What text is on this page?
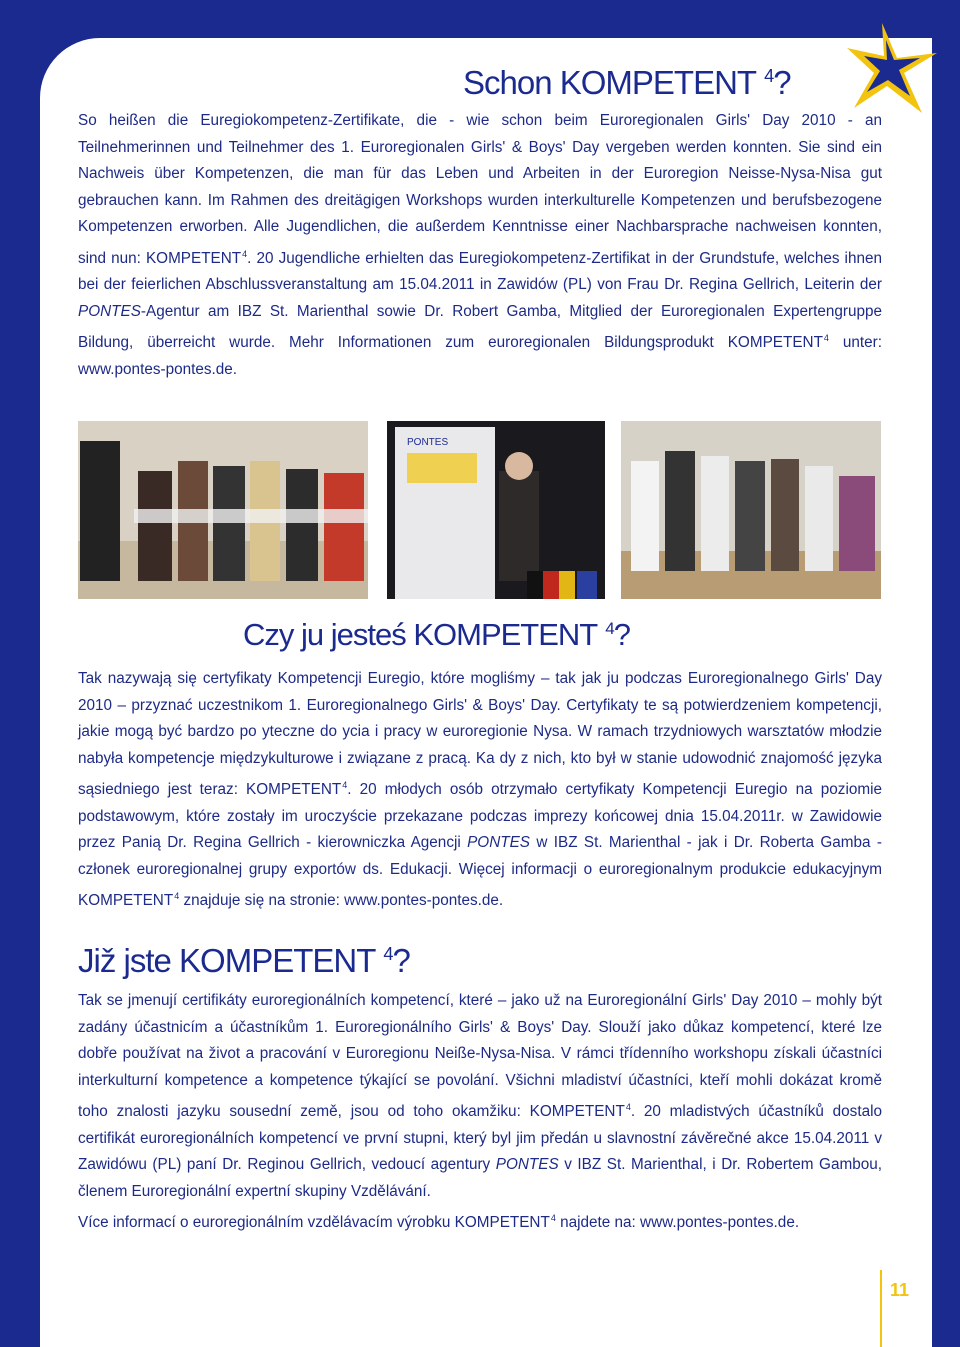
Schon KOMPETENT $^4$?

So heißen die Euregiokompetenz-Zertifikate, die - wie schon beim Euroregionalen Girls' Day 2010 - an Teilnehmerinnen und Teilnehmer des 1. Euroregionalen Girls' & Boys' Day vergeben werden konnten. Sie sind ein Nachweis über Kompetenzen, die man für das Leben und Arbeiten in der Euroregion Neisse-Nysa-Nisa gut gebrauchen kann. Im Rahmen des dreitägigen Workshops wurden interkulturelle Kompetenzen und berufsbezogene Kompetenzen erworben. Alle Jugendlichen, die außerdem Kenntnisse einer Nachbarsprache nachweisen konnten, sind nun: KOMPETENT$^4$. 20 Jugendliche erhielten das Euregiokompetenz-Zertifikat in der Grundstufe, welches ihnen bei der feierlichen Abschlussveranstaltung am 15.04.2011 in Zawidów (PL) von Frau Dr. Regina Gellrich, Leiterin der PONTES-Agentur am IBZ St. Marienthal sowie Dr. Robert Gamba, Mitglied der Euroregionalen Expertengruppe Bildung, überreicht wurde. Mehr Informationen zum euroregionalen Bildungsprodukt KOMPETENT$^4$ unter: www.pontes-pontes.de.

PONTES
Czy ju jesteś KOMPETENT $^4$?

Tak nazywają się certyfikaty Kompetencji Euregio, które mogliśmy – tak jak ju podczas Euroregionalnego Girls' Day 2010 – przyznać uczestnikom 1. Euroregionalnego Girls' & Boys' Day. Certyfikaty te są potwierdzeniem kompetencji, jakie mogą być bardzo po yteczne do ycia i pracy w euroregionie Nysa. W ramach trzydniowych warsztatów młodzie nabyła kompetencje międzykulturowe i związane z pracą. Ka dy z nich, kto był w stanie udowodnić znajomość języka sąsiedniego jest teraz: KOMPETENT$^4$. 20 młodych osób otrzymało certyfikaty Kompetencji Euregio na poziomie podstawowym, które zostały im uroczyście przekazane podczas imprezy końcowej dnia 15.04.2011r. w Zawidowie przez Panią Dr. Regina Gellrich - kierowniczka Agencji PONTES w IBZ St. Marienthal - jak i Dr. Roberta Gamba - członek euroregionalnej grupy exportów ds. Edukacji. Więcej informacji o euroregionalnym produkcie edukacyjnym KOMPETENT$^4$ znajduje się na stronie: www.pontes-pontes.de.

Již jste KOMPETENT $^4$?

Tak se jmenují certifikáty euroregionálních kompetencí, které – jako už na Euroregionální Girls' Day 2010 – mohly být zadány účastnicím a účastníkům 1. Euroregionálního Girls' & Boys' Day. Slouží jako důkaz kompetencí, které lze dobře používat na život a pracování v Euroregionu Neiße-Nysa-Nisa. V rámci třídenního workshopu získali účastníci interkulturní kompetence a kompetence týkající se povolání. Všichni mladiství účastníci, kteří mohli dokázat kromě toho znalosti jazyku sousední země, jsou od toho okamžiku: KOMPETENT$^4$. 20 mladistvých účastníků dostalo certifikát euroregionálních kompetencí ve první stupni, který byl jim předán u slavnostní závěrečné akce 15.04.2011 v Zawidówu (PL) paní Dr. Reginou Gellrich, vedoucí agentury PONTES v IBZ St. Marienthal, i Dr. Robertem Gambou, členem Euroregionální expertní skupiny Vzdělávání.

Více informací o euroregionálním vzdělávacím výrobku KOMPETENT$^4$ najdete na: www.pontes-pontes.de.

11
